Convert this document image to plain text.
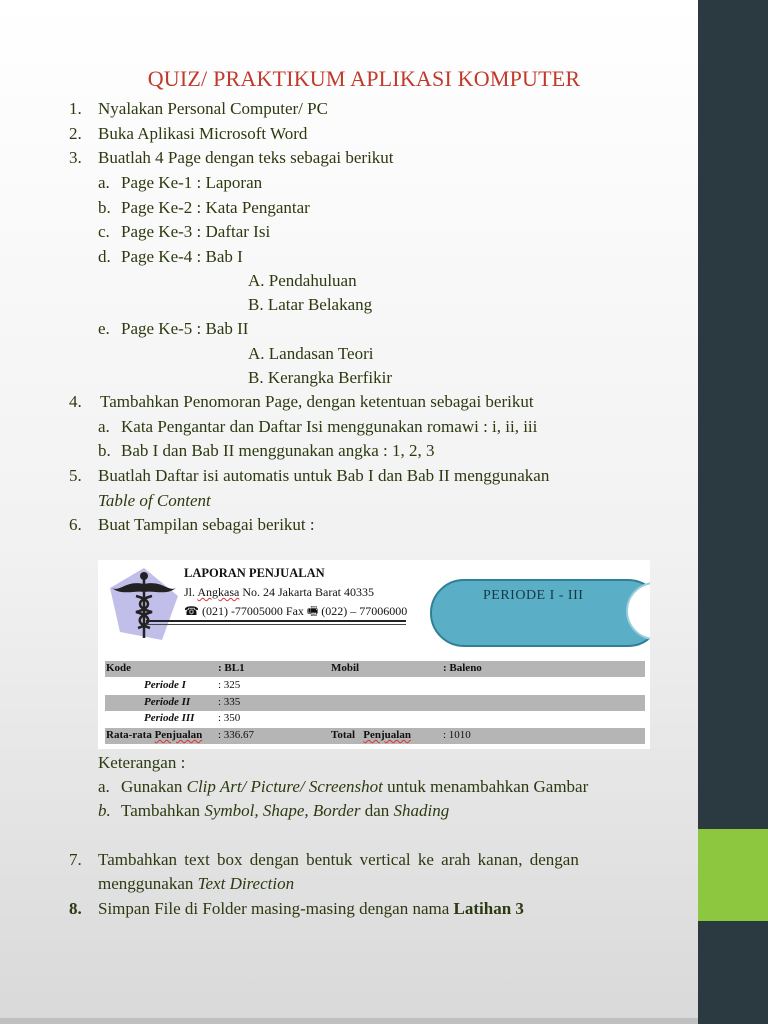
QUIZ/ PRAKTIKUM APLIKASI KOMPUTER
1. Nyalakan Personal Computer/ PC
2. Buka Aplikasi Microsoft Word
3. Buatlah 4 Page dengan teks sebagai berikut
a. Page Ke-1 : Laporan
b. Page Ke-2 : Kata Pengantar
c. Page Ke-3 : Daftar Isi
d. Page Ke-4 : Bab I
A. Pendahuluan
B. Latar Belakang
e. Page Ke-5 : Bab II
A. Landasan Teori
B. Kerangka Berfikir
4. Tambahkan Penomoran Page, dengan ketentuan sebagai berikut
a. Kata Pengantar dan Daftar Isi menggunakan romawi : i, ii, iii
b. Bab I dan Bab II menggunakan angka : 1, 2, 3
5. Buatlah Daftar isi automatis untuk Bab I dan Bab II menggunakan
Table of Content
6. Buat Tampilan sebagai berikut :
LAPORAN PENJUALAN
Jl. Angkasa No. 24 Jakarta Barat 40335
☎ (021) -77005000 Fax 🖷 (022) – 77006000
PERIODE I - III
Kode	: BL1	Mobil	: Baleno
Periode I	: 325
Periode II	: 335
Periode III : 350
Rata-rata Penjualan : 336.67	Total Penjualan	: 1010
Keterangan :
a. Gunakan Clip Art/ Picture/ Screenshot untuk menambahkan Gambar
b. Tambahkan Symbol, Shape, Border dan Shading
7. Tambahkan text box dengan bentuk vertical ke arah kanan, dengan
menggunakan Text Direction
8. Simpan File di Folder masing-masing dengan nama Latihan 3
